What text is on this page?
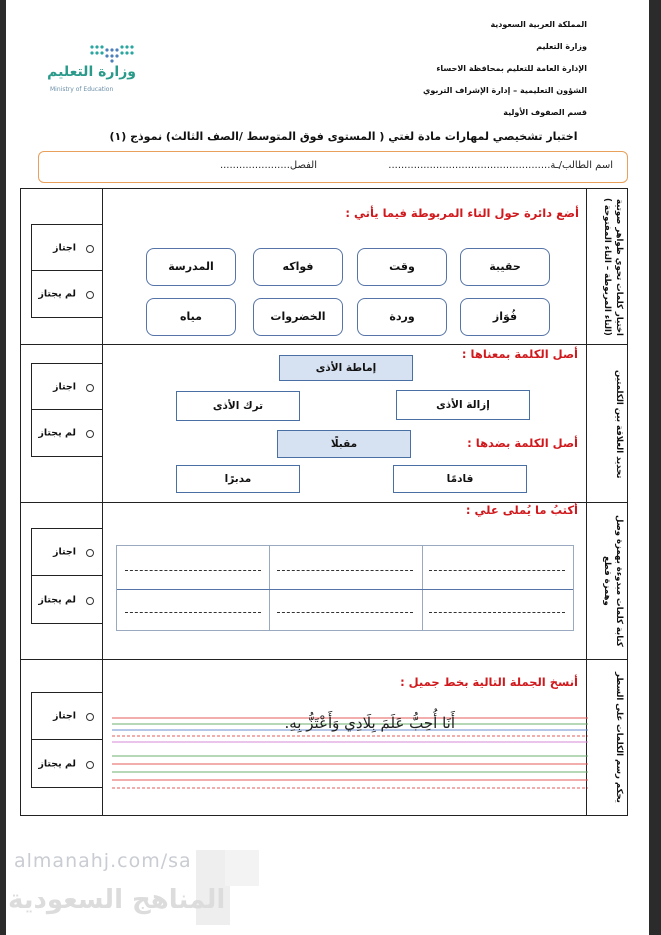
المملكة العربية السعودية
وزارة التعليم
الإدارة العامة للتعليم بمحافظة الاحساء
الشؤون التعليمية – إدارة الإشراف التربوي
قسم الصفوف الأولية
وزارة التعليم
Ministry of Education
اختبار تشخيصي لمهارات مادة لغتي ( المستوى فوق المتوسط /الصف الثالث) نموذج (١)
اسم الطالب/ـة...................................................
الفصل......................
اختيار كلمات تحوي ظواهر صوتية (التاء المربوطة – التاء المفتوحة )
تحديد العلاقة بين الكلمتين
كتابة كلمات مبدوءة بهمزة وصل وهمزة قطع
يحكم رسم الكلمات على السطر
اجتاز
لم يجتاز
اجتاز
لم يجتاز
اجتاز
لم يجتاز
اجتاز
لم يجتاز
أضع دائرة حول التاء المربوطة فيما يأتي :
حقيبة
وقت
فواكه
المدرسة
فُوَاز
وردة
الخضروات
مياه
أصل الكلمة بمعناها :
إماطة الأذى
إزالة الأذى
ترك الأذى
أصل الكلمة بضدها :
مقبلًا
قادمًا
مدبرًا
أكتبُ ما يُملى علي :
أنسخ الجملة التالية بخط جميل :
أَنَا أُحِبُّ عَلَمَ بِلَادِي وَأَعْتَزُّ بِهِ.
almanahj.com/sa
المناهج السعودية
